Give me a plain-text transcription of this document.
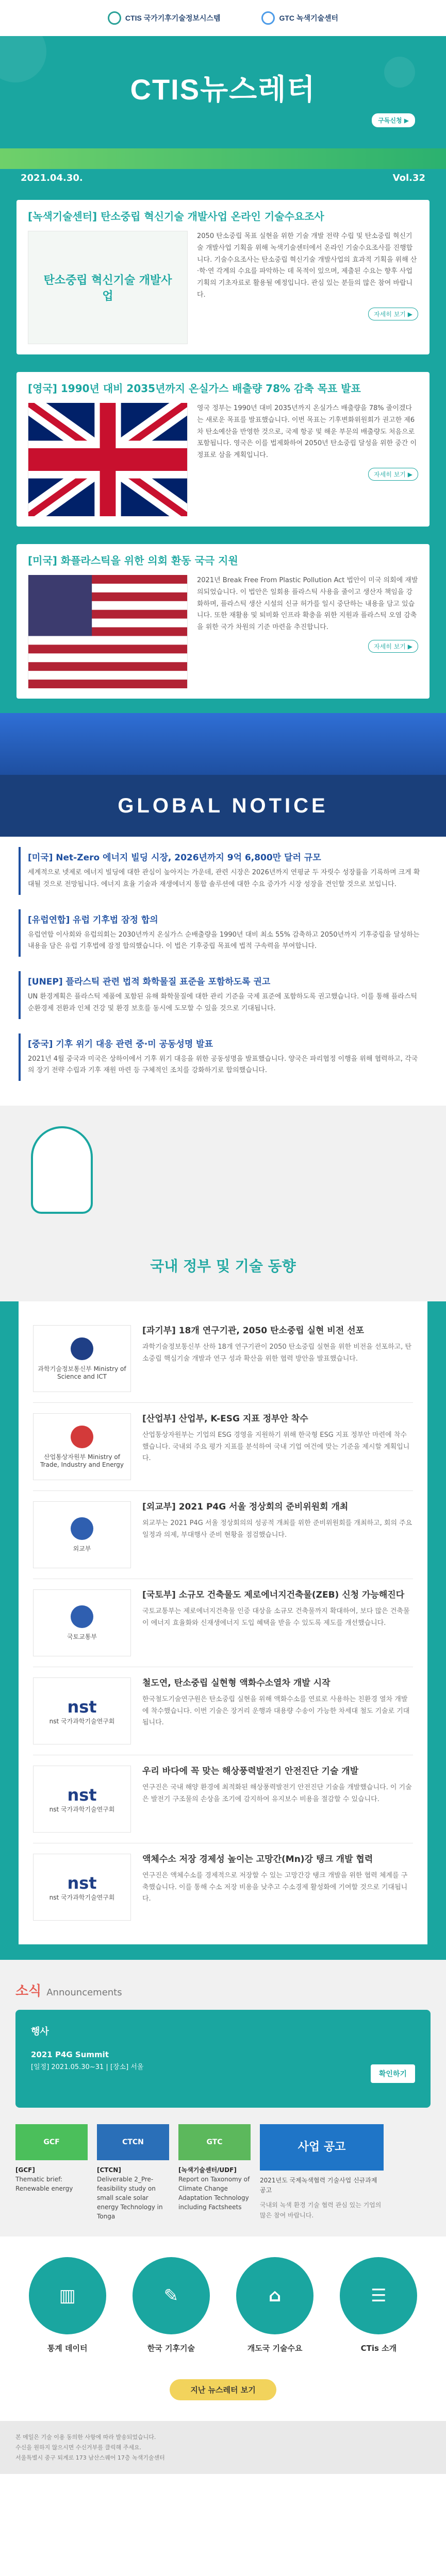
CTIS 국가기후기술정보시스템	GTC 녹색기술센터
CTIS뉴스레터
구독신청 ▶
2021.04.30.	Vol.32
[녹색기술센터] 탄소중립 혁신기술 개발사업 온라인 기술수요조사
탄소중립 혁신기술 개발사업

2050 탄소중립 목표 실현을 위한 기술 개발 전략 수립 및 탄소중립 혁신기술 개발사업 기획을 위해 녹색기술센터에서 온라인 기술수요조사를 진행합니다. 기술수요조사는 탄소중립 혁신기술 개발사업의 효과적 기획을 위해 산·학·연 각계의 수요를 파악하는 데 목적이 있으며, 제출된 수요는 향후 사업기획의 기초자료로 활용될 예정입니다. 관심 있는 분들의 많은 참여 바랍니다.

자세히 보기 ▶
[영국] 1990년 대비 2035년까지 온실가스 배출량 78% 감축 목표 발표

영국 정부는 1990년 대비 2035년까지 온실가스 배출량을 78% 줄이겠다는 새로운 목표를 발표했습니다. 이번 목표는 기후변화위원회가 권고한 제6차 탄소예산을 반영한 것으로, 국제 항공 및 해운 부문의 배출량도 처음으로 포함됩니다. 영국은 이를 법제화하여 2050년 탄소중립 달성을 위한 중간 이정표로 삼을 계획입니다.

자세히 보기 ▶
[미국] 화플라스틱을 위한 의회 환동 국극 지원

2021년 Break Free From Plastic Pollution Act 법안이 미국 의회에 재발의되었습니다. 이 법안은 일회용 플라스틱 사용을 줄이고 생산자 책임을 강화하며, 플라스틱 생산 시설의 신규 허가를 일시 중단하는 내용을 담고 있습니다. 또한 재활용 및 퇴비화 인프라 확충을 위한 지원과 플라스틱 오염 감축을 위한 국가 차원의 기준 마련을 추진합니다.

자세히 보기 ▶
GLOBAL NOTICE
[미국] Net-Zero 에너지 빌딩 시장, 2026년까지 9억 6,800만 달러 규모

세계적으로 넷제로 에너지 빌딩에 대한 관심이 높아지는 가운데, 관련 시장은 2026년까지 연평균 두 자릿수 성장률을 기록하며 크게 확대될 것으로 전망됩니다. 에너지 효율 기술과 재생에너지 통합 솔루션에 대한 수요 증가가 시장 성장을 견인할 것으로 보입니다.

[유럽연합] 유럽 기후법 잠정 합의

유럽연합 이사회와 유럽의회는 2030년까지 온실가스 순배출량을 1990년 대비 최소 55% 감축하고 2050년까지 기후중립을 달성하는 내용을 담은 유럽 기후법에 잠정 합의했습니다. 이 법은 기후중립 목표에 법적 구속력을 부여합니다.

[UNEP] 플라스틱 관련 법적 화학물질 표준을 포함하도록 권고

UN 환경계획은 플라스틱 제품에 포함된 유해 화학물질에 대한 관리 기준을 국제 표준에 포함하도록 권고했습니다. 이를 통해 플라스틱 순환경제 전환과 인체 건강 및 환경 보호를 동시에 도모할 수 있을 것으로 기대됩니다.

[중국] 기후 위기 대응 관련 중·미 공동성명 발표

2021년 4월 중국과 미국은 상하이에서 기후 위기 대응을 위한 공동성명을 발표했습니다. 양국은 파리협정 이행을 위해 협력하고, 각국의 장기 전략 수립과 기후 재원 마련 등 구체적인 조치를 강화하기로 합의했습니다.

국내 정부 및 기술 동향
과학기술정보통신부 Ministry of Science and ICT
[과기부] 18개 연구기관, 2050 탄소중립 실현 비전 선포

과학기술정보통신부 산하 18개 연구기관이 2050 탄소중립 실현을 위한 비전을 선포하고, 탄소중립 핵심기술 개발과 연구 성과 확산을 위한 협력 방안을 발표했습니다.

산업통상자원부 Ministry of Trade, Industry and Energy
[산업부] 산업부, K-ESG 지표 정부안 착수

산업통상자원부는 기업의 ESG 경영을 지원하기 위해 한국형 ESG 지표 정부안 마련에 착수했습니다. 국내외 주요 평가 지표를 분석하여 국내 기업 여건에 맞는 기준을 제시할 계획입니다.

외교부
[외교부] 2021 P4G 서울 정상회의 준비위원회 개최

외교부는 2021 P4G 서울 정상회의의 성공적 개최를 위한 준비위원회를 개최하고, 회의 주요 일정과 의제, 부대행사 준비 현황을 점검했습니다.

국토교통부
[국토부] 소규모 건축물도 제로에너지건축물(ZEB) 신청 가능해진다

국토교통부는 제로에너지건축물 인증 대상을 소규모 건축물까지 확대하여, 보다 많은 건축물이 에너지 효율화와 신재생에너지 도입 혜택을 받을 수 있도록 제도를 개선했습니다.

nst
nst 국가과학기술연구회
철도연, 탄소중립 실현형 액화수소열차 개발 시작

한국철도기술연구원은 탄소중립 실현을 위해 액화수소를 연료로 사용하는 친환경 열차 개발에 착수했습니다. 이번 기술은 장거리 운행과 대용량 수송이 가능한 차세대 철도 기술로 기대됩니다.

nst
nst 국가과학기술연구회
우리 바다에 꼭 맞는 해상풍력발전기 안전진단 기술 개발

연구진은 국내 해양 환경에 최적화된 해상풍력발전기 안전진단 기술을 개발했습니다. 이 기술은 발전기 구조물의 손상을 조기에 감지하여 유지보수 비용을 절감할 수 있습니다.

nst
nst 국가과학기술연구회
액체수소 저장 경제성 높이는 고망간(Mn)강 탱크 개발 협력

연구진은 액체수소를 경제적으로 저장할 수 있는 고망간강 탱크 개발을 위한 협력 체계를 구축했습니다. 이를 통해 수소 저장 비용을 낮추고 수소경제 활성화에 기여할 것으로 기대됩니다.

소식 Announcements
행사
2021 P4G Summit
[일정] 2021.05.30~31 | [장소] 서울
확인하기
GCF
[GCF]
Thematic brief: Renewable energy
CTCN
[CTCN]
Deliverable 2_Pre-feasibility study on small scale solar energy Technology in Tonga
GTC
[녹색기술센터/UDF]
Report on Taxonomy of Climate Change Adaptation Technology including Factsheets
사업 공고

2021년도 국제녹색협력 기술사업 신규과제 공고

국내외 녹색 환경 기술 협력 관심 있는 기업의 많은 참여 바랍니다.

▥
통계 데이터
✎
한국 기후기술
⌂
개도국 기술수요
☰
CTis 소개
지난 뉴스레터 보기

본 메일은 기술 이용 동의한 사항에 따라 발송되었습니다.

수신을 원하지 않으시면 수신거부를 클릭해 주세요.

서울특별시 중구 퇴계로 173 남산스퀘어 17층 녹색기술센터
